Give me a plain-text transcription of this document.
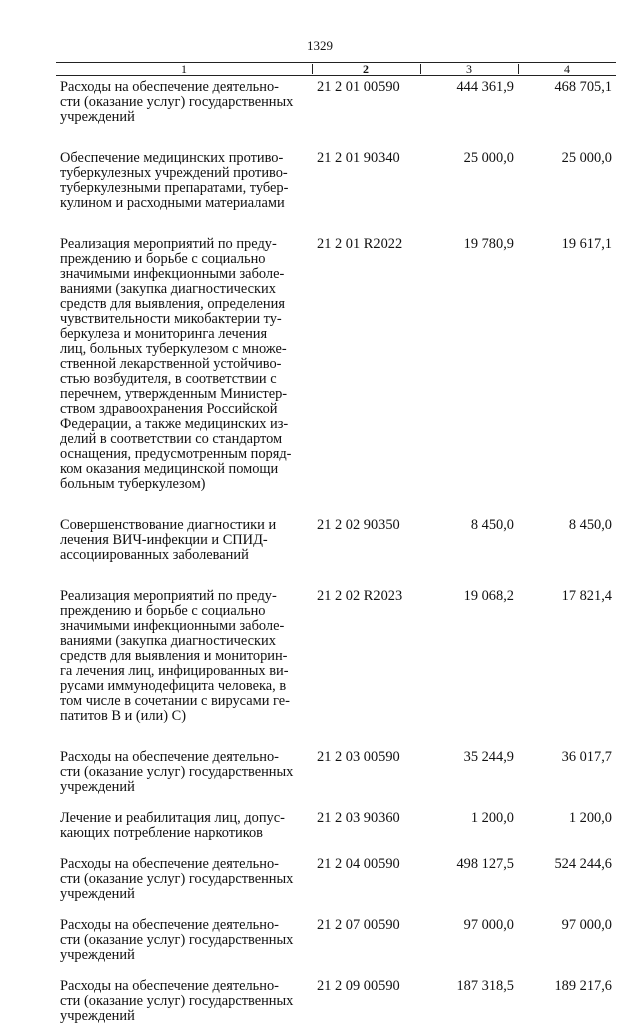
1329
1	2	3	4
Расходы на обеспечение деятельно-
сти (оказание услуг) государственных
учреждений
21 2 01 00590	444 361,9	468 705,1
Обеспечение медицинских противо-
туберкулезных учреждений противо-
туберкулезными препаратами, тубер-
кулином и расходными материалами
21 2 01 90340	25 000,0	25 000,0
Реализация мероприятий по преду-
преждению и борьбе с социально
значимыми инфекционными заболе-
ваниями (закупка диагностических
средств для выявления, определения
чувствительности микобактерии ту-
беркулеза и мониторинга лечения
лиц, больных туберкулезом с множе-
ственной лекарственной устойчиво-
стью возбудителя, в соответствии с
перечнем, утвержденным Министер-
ством здравоохранения Российской
Федерации, а также медицинских из-
делий в соответствии со стандартом
оснащения, предусмотренным поряд-
ком оказания медицинской помощи
больным туберкулезом)
21 2 01 R2022	19 780,9	19 617,1
Совершенствование диагностики и
лечения ВИЧ-инфекции и СПИД-
ассоциированных заболеваний
21 2 02 90350	8 450,0	8 450,0
Реализация мероприятий по преду-
преждению и борьбе с социально
значимыми инфекционными заболе-
ваниями (закупка диагностических
средств для выявления и мониторин-
га лечения лиц, инфицированных ви-
русами иммунодефицита человека, в
том числе в сочетании с вирусами ге-
патитов В и (или) С)
21 2 02 R2023	19 068,2	17 821,4
Расходы на обеспечение деятельно-
сти (оказание услуг) государственных
учреждений
21 2 03 00590	35 244,9	36 017,7
Лечение и реабилитация лиц, допус-
кающих потребление наркотиков
21 2 03 90360	1 200,0	1 200,0
Расходы на обеспечение деятельно-
сти (оказание услуг) государственных
учреждений
21 2 04 00590	498 127,5	524 244,6
Расходы на обеспечение деятельно-
сти (оказание услуг) государственных
учреждений
21 2 07 00590	97 000,0	97 000,0
Расходы на обеспечение деятельно-
сти (оказание услуг) государственных
учреждений
21 2 09 00590	187 318,5	189 217,6
